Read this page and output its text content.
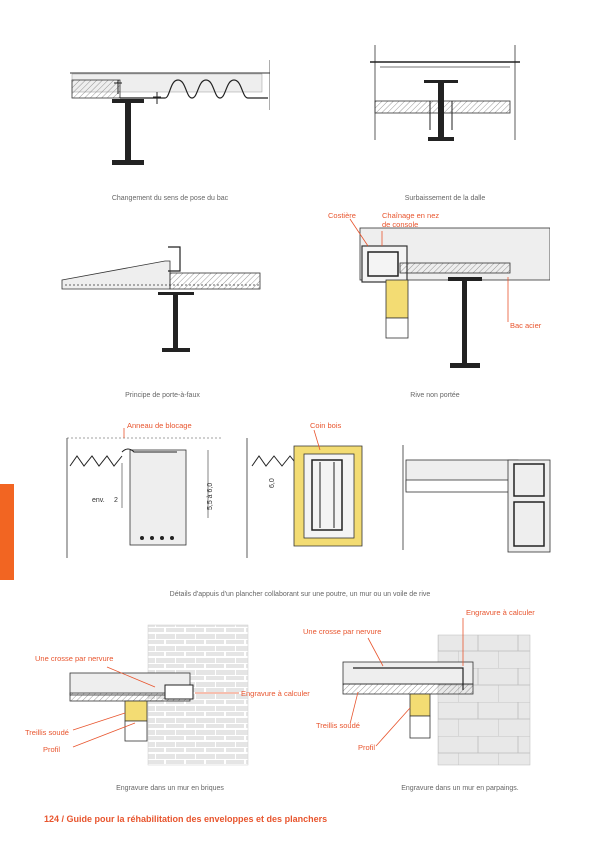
Changement du sens de pose du bac	Surbaissement de la dalle
Principe de porte-à-faux
Costière	Chaînage en nez
de console
Bac acier
Rive non portée
Anneau de blocage
env. 2	5,5 à 6,0
Coin bois
6,0
Détails d'appuis d'un plancher collaborant sur une poutre, un mur ou un voile de rive
Une crosse par nervure
Engravure à calculer
Treillis soudé
Profil
Engravure dans un mur en briques
Une crosse par nervure
Engravure à calculer
Treillis soudé
Profil
Engravure dans un mur en parpaings.
124 / Guide pour la réhabilitation des enveloppes et des planchers
